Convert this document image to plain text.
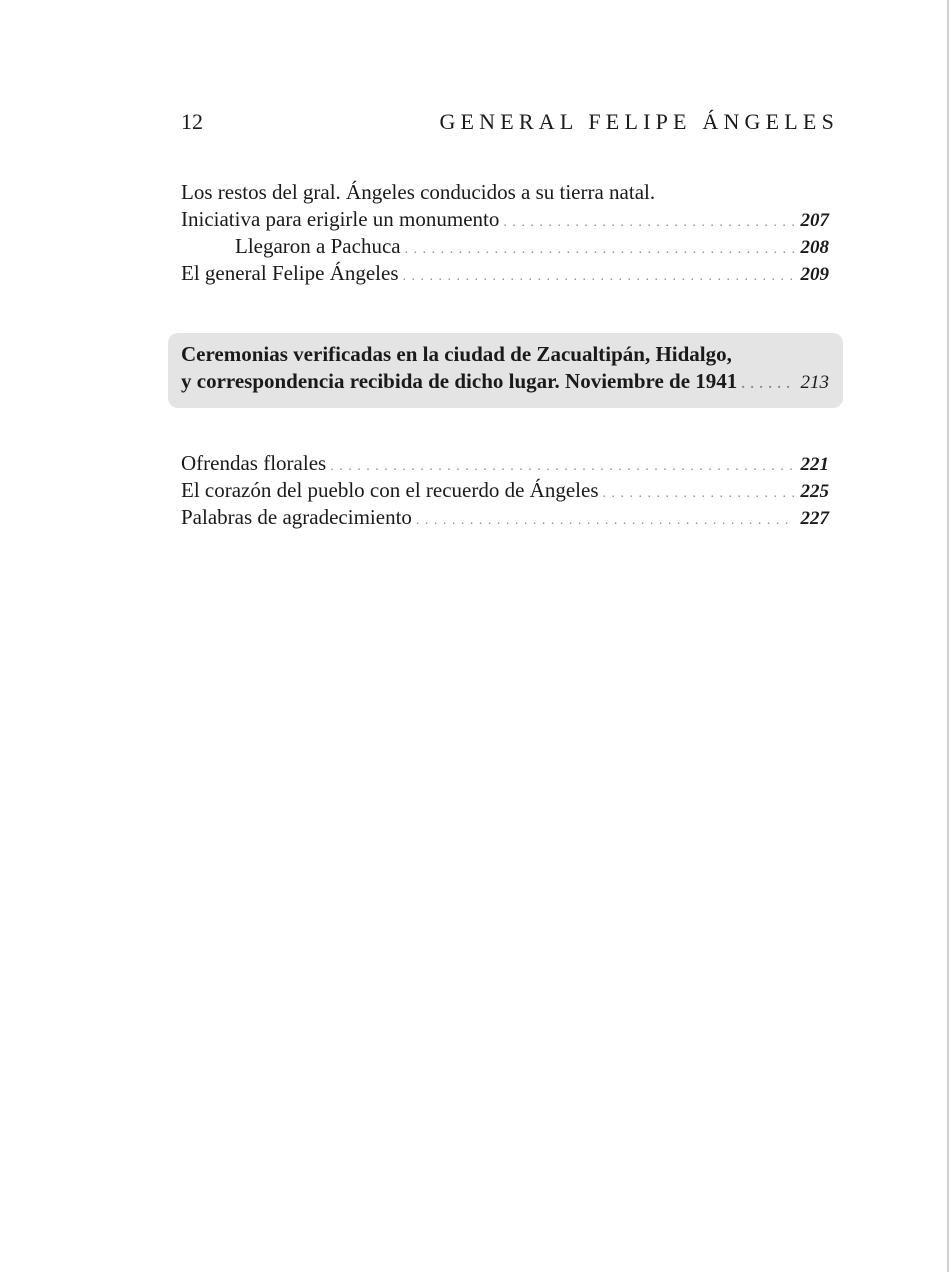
12	GENERAL FELIPE ÁNGELES
Los restos del gral. Ángeles conducidos a su tierra natal.
Iniciativa para erigirle un monumento . . .	207
Llegaron a Pachuca . . .	208
El general Felipe Ángeles . . .	209
Ceremonias verificadas en la ciudad de Zacualtipán, Hidalgo,
y correspondencia recibida de dicho lugar. Noviembre de 1941 . . .	213
Ofrendas florales . . .	221
El corazón del pueblo con el recuerdo de Ángeles . . .	225
Palabras de agradecimiento . . .	227
